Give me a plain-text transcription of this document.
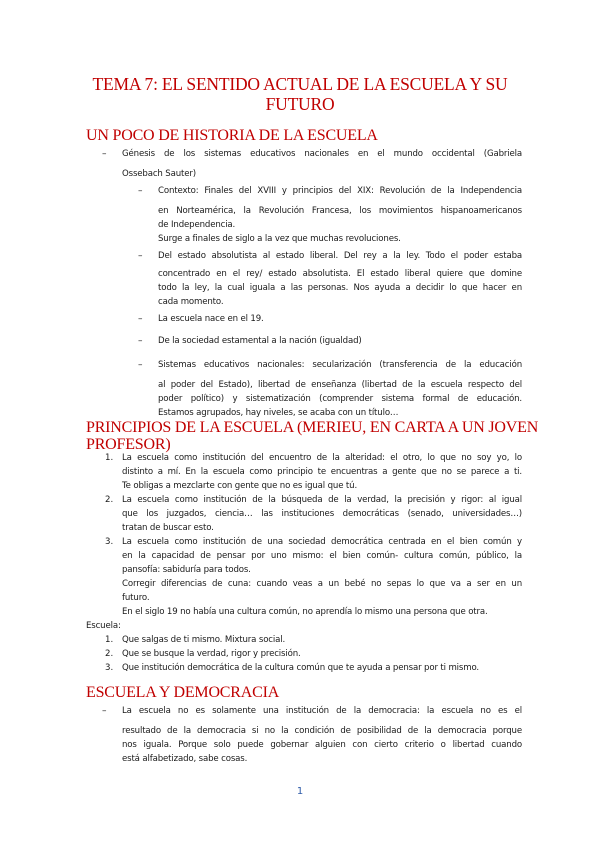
TEMA 7: EL SENTIDO ACTUAL DE LA ESCUELA Y SU
FUTURO
UN POCO DE HISTORIA DE LA ESCUELA
– Génesis de los sistemas educativos nacionales en el mundo occidental (Gabriela
Ossebach Sauter)
– Contexto: Finales del XVIII y principios del XIX: Revolución de la Independencia
en Norteamérica, la Revolución Francesa, los movimientos hispanoamericanos
de Independencia.
Surge a finales de siglo a la vez que muchas revoluciones.
– Del estado absolutista al estado liberal. Del rey a la ley. Todo el poder estaba
concentrado en el rey/ estado absolutista. El estado liberal quiere que domine
todo la ley, la cual iguala a las personas. Nos ayuda a decidir lo que hacer en
cada momento.
– La escuela nace en el 19.
– De la sociedad estamental a la nación (igualdad)
– Sistemas educativos nacionales: secularización (transferencia de la educación
al poder del Estado), libertad de enseñanza (libertad de la escuela respecto del
poder político) y sistematización (comprender sistema formal de educación.
Estamos agrupados, hay niveles, se acaba con un título…
PRINCIPIOS DE LA ESCUELA (MERIEU, EN CARTA A UN JOVEN
PROFESOR)
1. La escuela como institución del encuentro de la alteridad: el otro, lo que no soy yo, lo
distinto a mí. En la escuela como principio te encuentras a gente que no se parece a ti.
Te obligas a mezclarte con gente que no es igual que tú.
2. La escuela como institución de la búsqueda de la verdad, la precisión y rigor: al igual
que los juzgados, ciencia… las instituciones democráticas (senado, universidades…)
tratan de buscar esto.
3. La escuela como institución de una sociedad democrática centrada en el bien común y
en la capacidad de pensar por uno mismo: el bien común- cultura común, público, la
pansofía: sabiduría para todos.
Corregir diferencias de cuna: cuando veas a un bebé no sepas lo que va a ser en un
futuro.
En el siglo 19 no había una cultura común, no aprendía lo mismo una persona que otra.
Escuela:
1. Que salgas de ti mismo. Mixtura social.
2. Que se busque la verdad, rigor y precisión.
3. Que institución democrática de la cultura común que te ayuda a pensar por ti mismo.
ESCUELA Y DEMOCRACIA
– La escuela no es solamente una institución de la democracia: la escuela no es el
resultado de la democracia si no la condición de posibilidad de la democracia porque
nos iguala. Porque solo puede gobernar alguien con cierto criterio o libertad cuando
está alfabetizado, sabe cosas.
1
